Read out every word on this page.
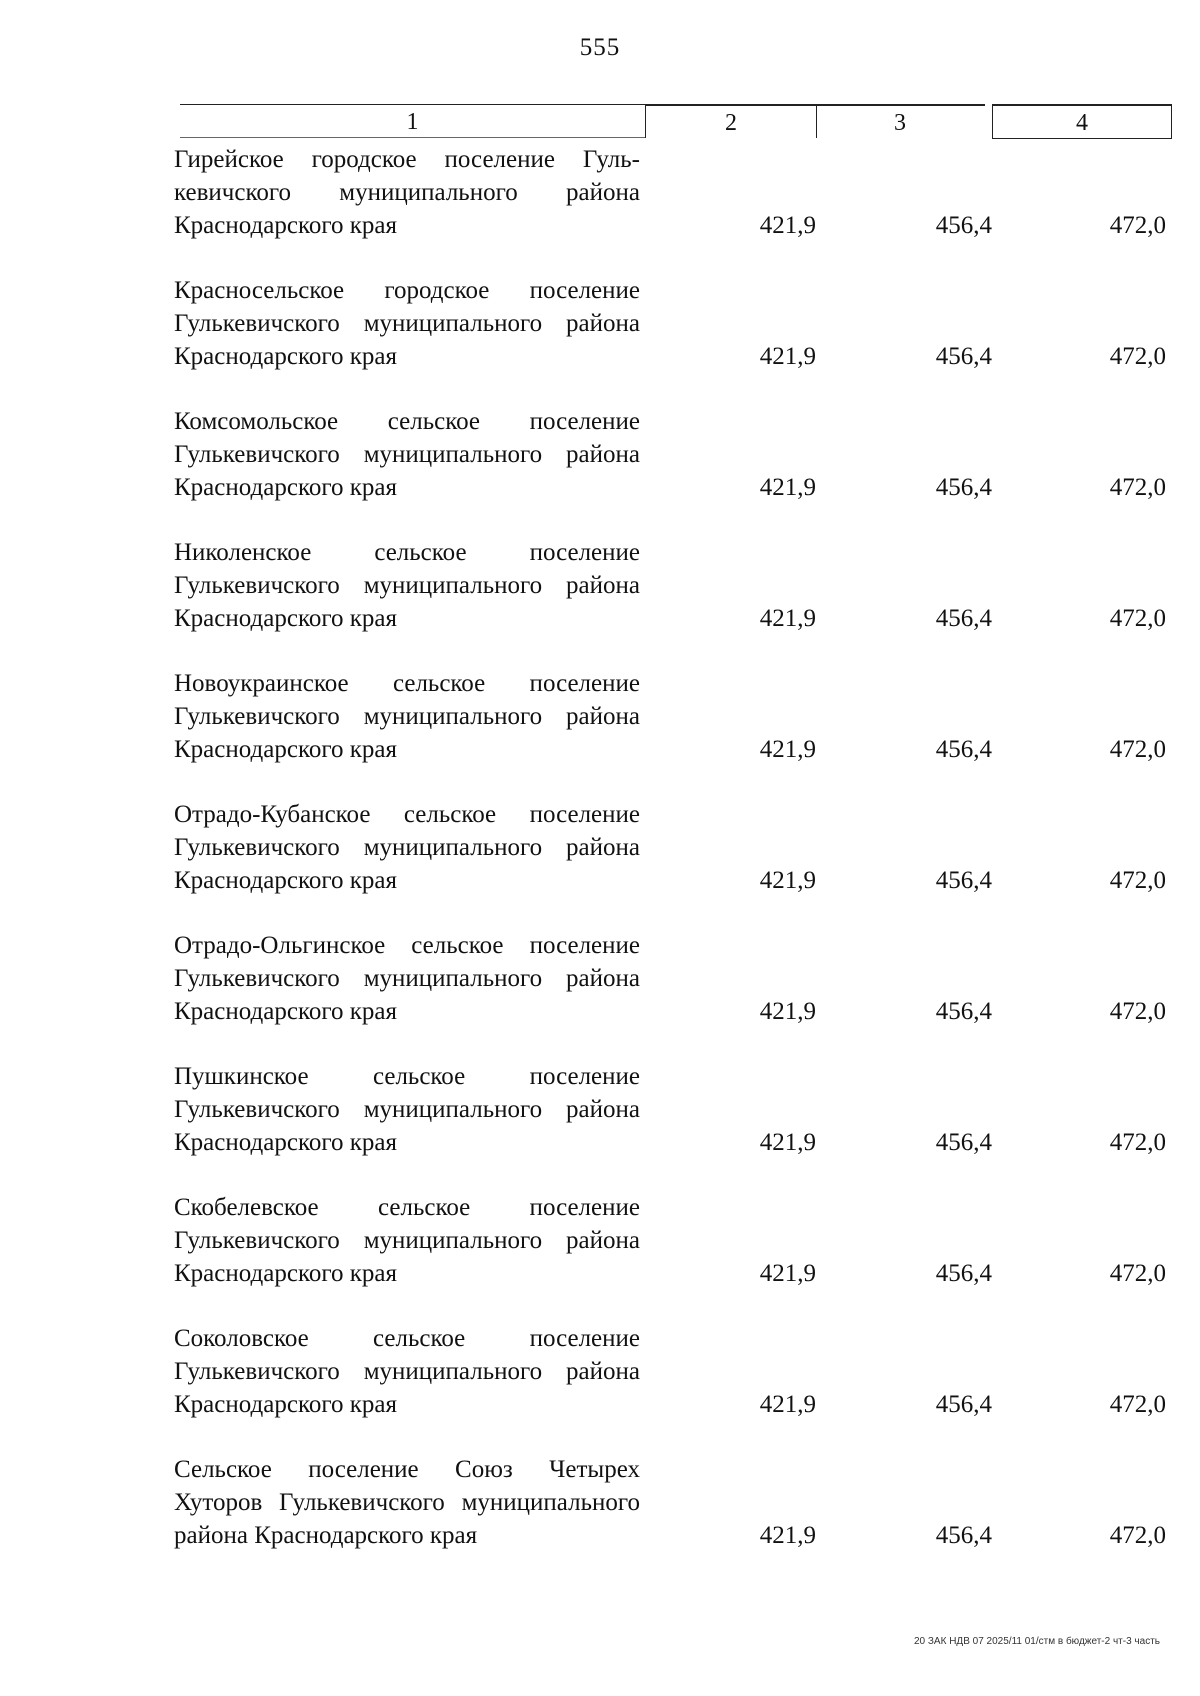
555
1	2	3	4
Гирейское городское поселение Гулькевичского муниципального района Краснодарского края	421,9	456,4	472,0
Красносельское городское поселение Гулькевичского муниципального района Краснодарского края	421,9	456,4	472,0
Комсомольское сельское поселение Гулькевичского муниципального района Краснодарского края	421,9	456,4	472,0
Николенское сельское поселение Гулькевичского муниципального района Краснодарского края	421,9	456,4	472,0
Новоукраинское сельское поселение Гулькевичского муниципального района Краснодарского края	421,9	456,4	472,0
Отрадо-Кубанское сельское поселение Гулькевичского муниципального района Краснодарского края	421,9	456,4	472,0
Отрадо-Ольгинское сельское поселение Гулькевичского муниципального района Краснодарского края	421,9	456,4	472,0
Пушкинское сельское поселение Гулькевичского муниципального района Краснодарского края	421,9	456,4	472,0
Скобелевское сельское поселение Гулькевичского муниципального района Краснодарского края	421,9	456,4	472,0
Соколовское сельское поселение Гулькевичского муниципального района Краснодарского края	421,9	456,4	472,0
Сельское поселение Союз Четырех Хуторов Гулькевичского муниципального района Краснодарского края	421,9	456,4	472,0
20 ЗАК НДВ 07 2025/11 01/стм в бюджет-2 чт-3 часть
